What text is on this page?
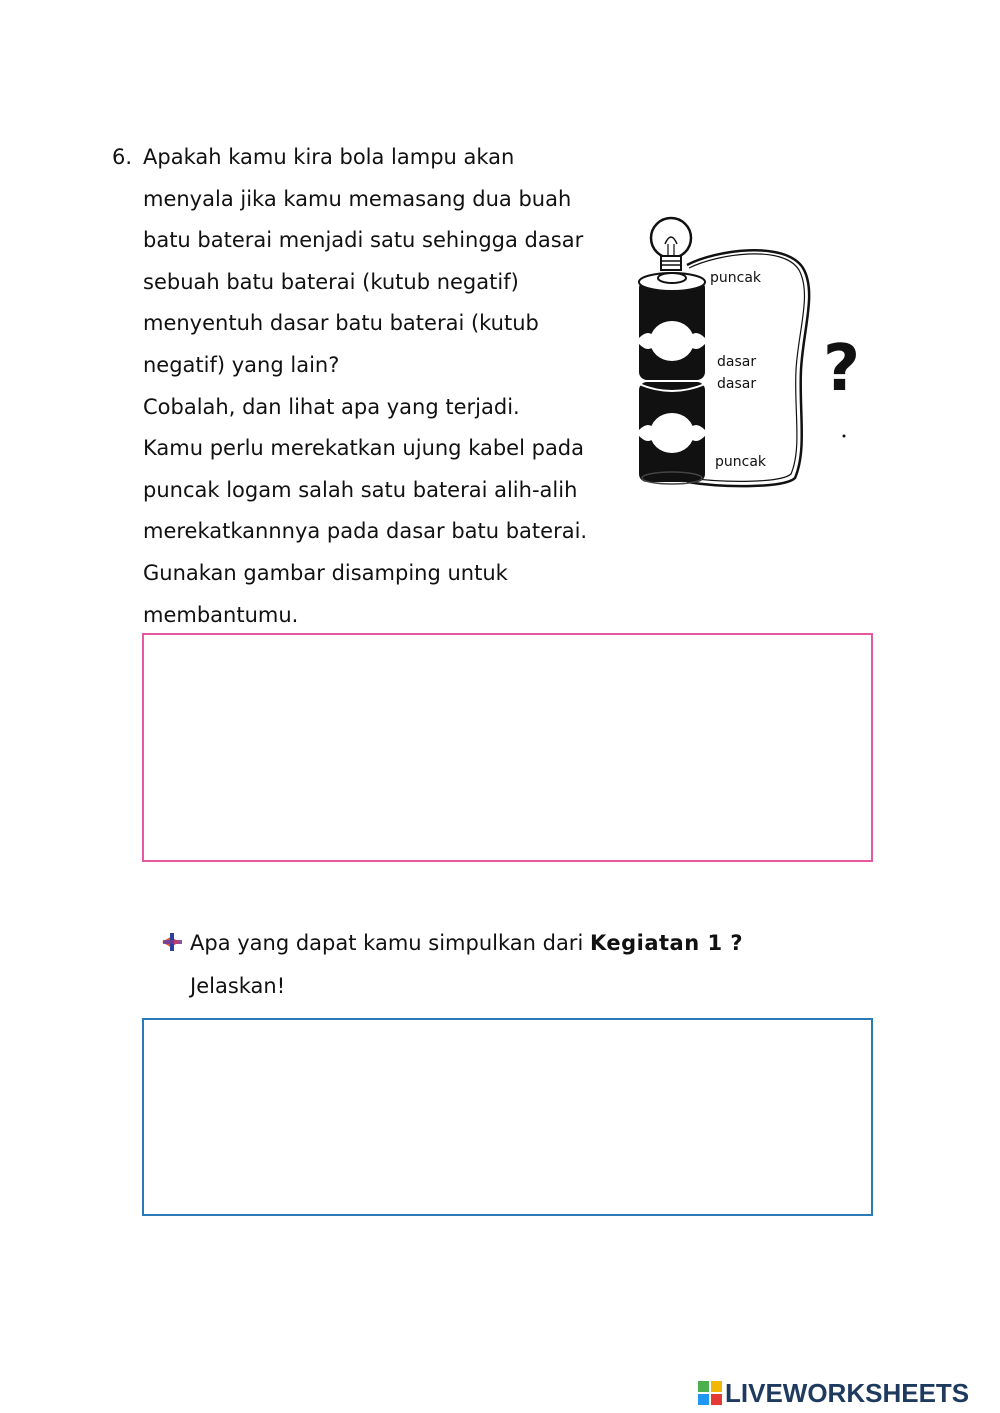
6. Apakah kamu kira bola lampu akan
menyala jika kamu memasang dua buah
batu baterai menjadi satu sehingga dasar
sebuah batu baterai (kutub negatif)
menyentuh dasar batu baterai (kutub
negatif) yang lain?
Cobalah, dan lihat apa yang terjadi.
Kamu perlu merekatkan ujung kabel pada
puncak logam salah satu baterai alih-alih
merekatkannnya pada dasar batu baterai.
Gunakan gambar disamping untuk
membantumu.
puncak
dasar
dasar
puncak
?
Apa yang dapat kamu simpulkan dari Kegiatan 1 ?
Jelaskan!
LIVEWORKSHEETS
